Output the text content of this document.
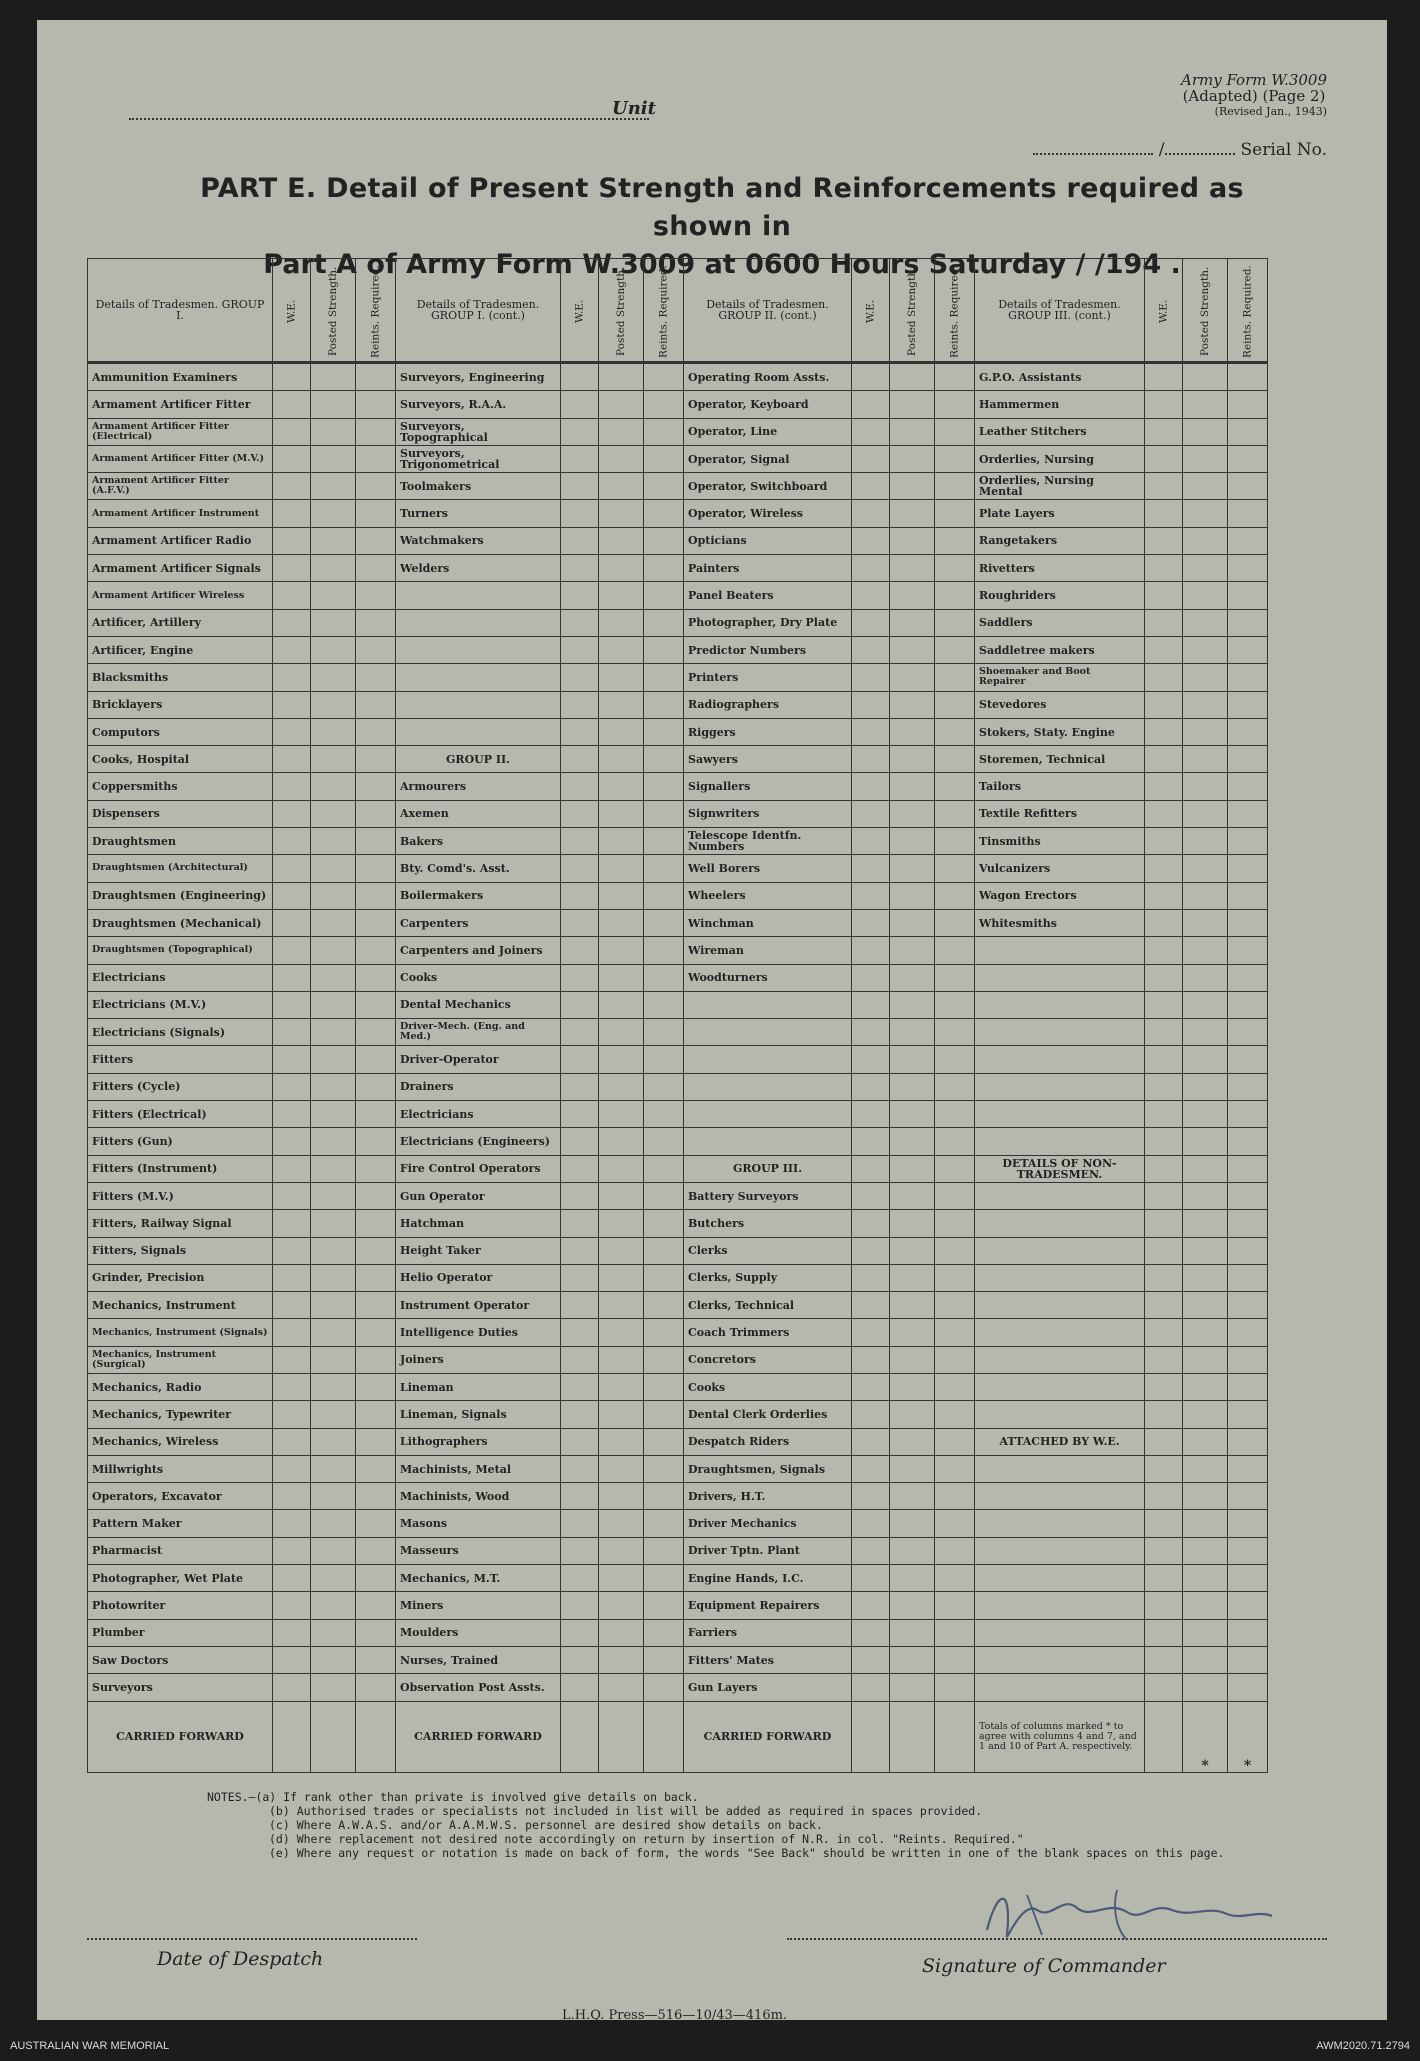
Unit
Army Form W.3009
(Adapted) (Page 2)
(Revised Jan., 1943)
/	Serial No.
PART E. Detail of Present Strength and Reinforcements required as shown in
Part A of Army Form W.3009 at 0600 Hours Saturday / /194 .
Details of Tradesmen. GROUP I.	W.E.	Posted Strength.	Reints. Required.	Details of Tradesmen. GROUP I. (cont.)	W.E.	Posted Strength.	Reints. Required.	Details of Tradesmen. GROUP II. (cont.)	W.E.	Posted Strength.	Reints. Required.	Details of Tradesmen. GROUP III. (cont.)	W.E.	Posted Strength.	Reints. Required.
Ammunition Examiners				Surveyors, Engineering				Operating Room Assts.				G.P.O. Assistants			
Armament Artificer Fitter				Surveyors, R.A.A.				Operator, Keyboard				Hammermen			
Armament Artificer Fitter (Electrical)				Surveyors, Topographical				Operator, Line				Leather Stitchers			
Armament Artificer Fitter (M.V.)				Surveyors, Trigonometrical				Operator, Signal				Orderlies, Nursing			
Armament Artificer Fitter (A.F.V.)				Toolmakers				Operator, Switchboard				Orderlies, Nursing Mental			
Armament Artificer Instrument				Turners				Operator, Wireless				Plate Layers			
Armament Artificer Radio				Watchmakers				Opticians				Rangetakers			
Armament Artificer Signals				Welders				Painters				Rivetters			
Armament Artificer Wireless								Panel Beaters				Roughriders			
Artificer, Artillery								Photographer, Dry Plate				Saddlers			
Artificer, Engine								Predictor Numbers				Saddletree makers			
Blacksmiths								Printers				Shoemaker and Boot Repairer			
Bricklayers								Radiographers				Stevedores			
Computors								Riggers				Stokers, Staty. Engine			
Cooks, Hospital				GROUP II.				Sawyers				Storemen, Technical			
Coppersmiths				Armourers				Signallers				Tailors			
Dispensers				Axemen				Signwriters				Textile Refitters			
Draughtsmen				Bakers				Telescope Identfn. Numbers				Tinsmiths			
Draughtsmen (Architectural)				Bty. Comd's. Asst.				Well Borers				Vulcanizers			
Draughtsmen (Engineering)				Boilermakers				Wheelers				Wagon Erectors			
Draughtsmen (Mechanical)				Carpenters				Winchman				Whitesmiths			
Draughtsmen (Topographical)				Carpenters and Joiners				Wireman							
Electricians				Cooks				Woodturners							
Electricians (M.V.)				Dental Mechanics											
Electricians (Signals)				Driver-Mech. (Eng. and Med.)											
Fitters				Driver-Operator											
Fitters (Cycle)				Drainers											
Fitters (Electrical)				Electricians											
Fitters (Gun)				Electricians (Engineers)											
Fitters (Instrument)				Fire Control Operators				GROUP III.				DETAILS OF NON-TRADESMEN.			
Fitters (M.V.)				Gun Operator				Battery Surveyors							
Fitters, Railway Signal				Hatchman				Butchers							
Fitters, Signals				Height Taker				Clerks							
Grinder, Precision				Helio Operator				Clerks, Supply							
Mechanics, Instrument				Instrument Operator				Clerks, Technical							
Mechanics, Instrument (Signals)				Intelligence Duties				Coach Trimmers							
Mechanics, Instrument (Surgical)				Joiners				Concretors							
Mechanics, Radio				Lineman				Cooks							
Mechanics, Typewriter				Lineman, Signals				Dental Clerk Orderlies							
Mechanics, Wireless				Lithographers				Despatch Riders				ATTACHED BY W.E.			
Millwrights				Machinists, Metal				Draughtsmen, Signals							
Operators, Excavator				Machinists, Wood				Drivers, H.T.							
Pattern Maker				Masons				Driver Mechanics							
Pharmacist				Masseurs				Driver Tptn. Plant							
Photographer, Wet Plate				Mechanics, M.T.				Engine Hands, I.C.							
Photowriter				Miners				Equipment Repairers							
Plumber				Moulders				Farriers							
Saw Doctors				Nurses, Trained				Fitters' Mates							
Surveyors				Observation Post Assts.				Gun Layers							
CARRIED FORWARD				CARRIED FORWARD				CARRIED FORWARD				Totals of columns marked * to agree with columns 4 and 7, and 1 and 10 of Part A. respectively.		*	*
NOTES.—(a) If rank other than private is involved give details on back.
(b) Authorised trades or specialists not included in list will be added as required in spaces provided.
(c) Where A.W.A.S. and/or A.A.M.W.S. personnel are desired show details on back.
(d) Where replacement not desired note accordingly on return by insertion of N.R. in col. "Reints. Required."
(e) Where any request or notation is made on back of form, the words "See Back" should be written in one of the blank spaces on this page.
Date of Despatch	Signature of Commander
L.H.Q. Press—516—10/43—416m.
AUSTRALIAN WAR MEMORIAL	AWM2020.71.2794
